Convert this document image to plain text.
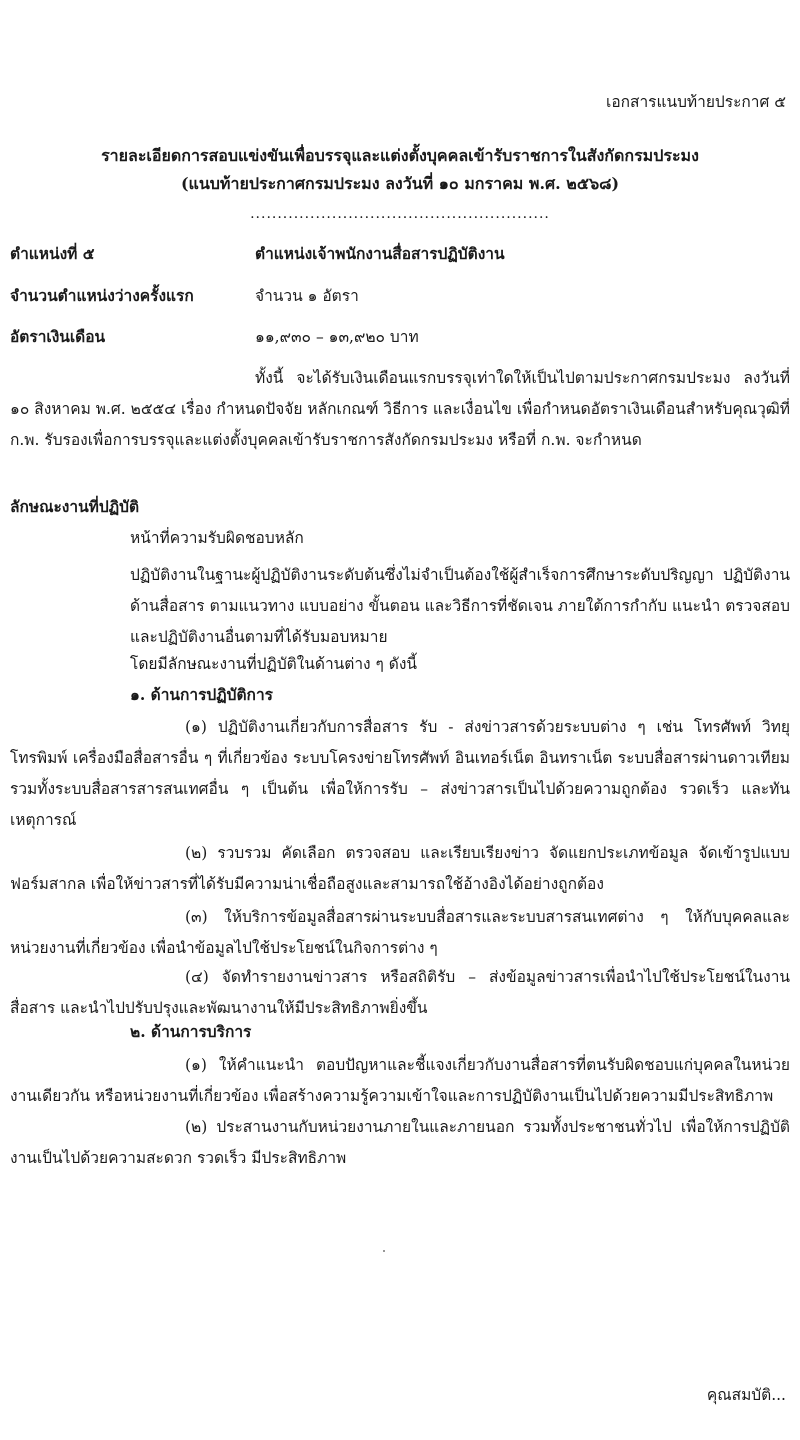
เอกสารแนบท้ายประกาศ ๕
รายละเอียดการสอบแข่งขันเพื่อบรรจุและแต่งตั้งบุคคลเข้ารับราชการในสังกัดกรมประมง
(แนบท้ายประกาศกรมประมง ลงวันที่ ๑๐ มกราคม พ.ศ. ๒๕๖๘)
.......................................................
ตำแหน่งที่ ๕	ตำแหน่งเจ้าพนักงานสื่อสารปฏิบัติงาน
จำนวนตำแหน่งว่างครั้งแรก	จำนวน ๑ อัตรา
อัตราเงินเดือน	๑๑,๙๓๐ – ๑๓,๙๒๐ บาท
ทั้งนี้ จะได้รับเงินเดือนแรกบรรจุเท่าใดให้เป็นไปตามประกาศกรมประมง ลงวันที่ ๑๐ สิงหาคม พ.ศ. ๒๕๕๔ เรื่อง กำหนดปัจจัย หลักเกณฑ์ วิธีการ และเงื่อนไข เพื่อกำหนดอัตราเงินเดือนสำหรับคุณวุฒิที่ ก.พ. รับรองเพื่อการบรรจุและแต่งตั้งบุคคลเข้ารับราชการสังกัดกรมประมง หรือที่ ก.พ. จะกำหนด
ลักษณะงานที่ปฏิบัติ
หน้าที่ความรับผิดชอบหลัก
ปฏิบัติงานในฐานะผู้ปฏิบัติงานระดับต้นซึ่งไม่จำเป็นต้องใช้ผู้สำเร็จการศึกษาระดับปริญญา ปฏิบัติงานด้านสื่อสาร ตามแนวทาง แบบอย่าง ขั้นตอน และวิธีการที่ชัดเจน ภายใต้การกำกับ แนะนำ ตรวจสอบ และปฏิบัติงานอื่นตามที่ได้รับมอบหมาย
โดยมีลักษณะงานที่ปฏิบัติในด้านต่าง ๆ ดังนี้
๑. ด้านการปฏิบัติการ
(๑) ปฏิบัติงานเกี่ยวกับการสื่อสาร รับ - ส่งข่าวสารด้วยระบบต่าง ๆ เช่น โทรศัพท์ วิทยุ โทรพิมพ์ เครื่องมือสื่อสารอื่น ๆ ที่เกี่ยวข้อง ระบบโครงข่ายโทรศัพท์ อินเทอร์เน็ต อินทราเน็ต ระบบสื่อสารผ่านดาวเทียม รวมทั้งระบบสื่อสารสารสนเทศอื่น ๆ เป็นต้น เพื่อให้การรับ – ส่งข่าวสารเป็นไปด้วยความถูกต้อง รวดเร็ว และทันเหตุการณ์
(๒) รวบรวม คัดเลือก ตรวจสอบ และเรียบเรียงข่าว จัดแยกประเภทข้อมูล จัดเข้ารูปแบบฟอร์มสากล เพื่อให้ข่าวสารที่ได้รับมีความน่าเชื่อถือสูงและสามารถใช้อ้างอิงได้อย่างถูกต้อง
(๓) ให้บริการข้อมูลสื่อสารผ่านระบบสื่อสารและระบบสารสนเทศต่าง ๆ ให้กับบุคคลและหน่วยงานที่เกี่ยวข้อง เพื่อนำข้อมูลไปใช้ประโยชน์ในกิจการต่าง ๆ
(๔) จัดทำรายงานข่าวสาร หรือสถิติรับ – ส่งข้อมูลข่าวสารเพื่อนำไปใช้ประโยชน์ในงานสื่อสาร และนำไปปรับปรุงและพัฒนางานให้มีประสิทธิภาพยิ่งขึ้น
๒. ด้านการบริการ
(๑) ให้คำแนะนำ ตอบปัญหาและชี้แจงเกี่ยวกับงานสื่อสารที่ตนรับผิดชอบแก่บุคคลในหน่วยงานเดียวกัน หรือหน่วยงานที่เกี่ยวข้อง เพื่อสร้างความรู้ความเข้าใจและการปฏิบัติงานเป็นไปด้วยความมีประสิทธิภาพ
(๒) ประสานงานกับหน่วยงานภายในและภายนอก รวมทั้งประชาชนทั่วไป เพื่อให้การปฏิบัติงานเป็นไปด้วยความสะดวก รวดเร็ว มีประสิทธิภาพ
คุณสมบัติ...
